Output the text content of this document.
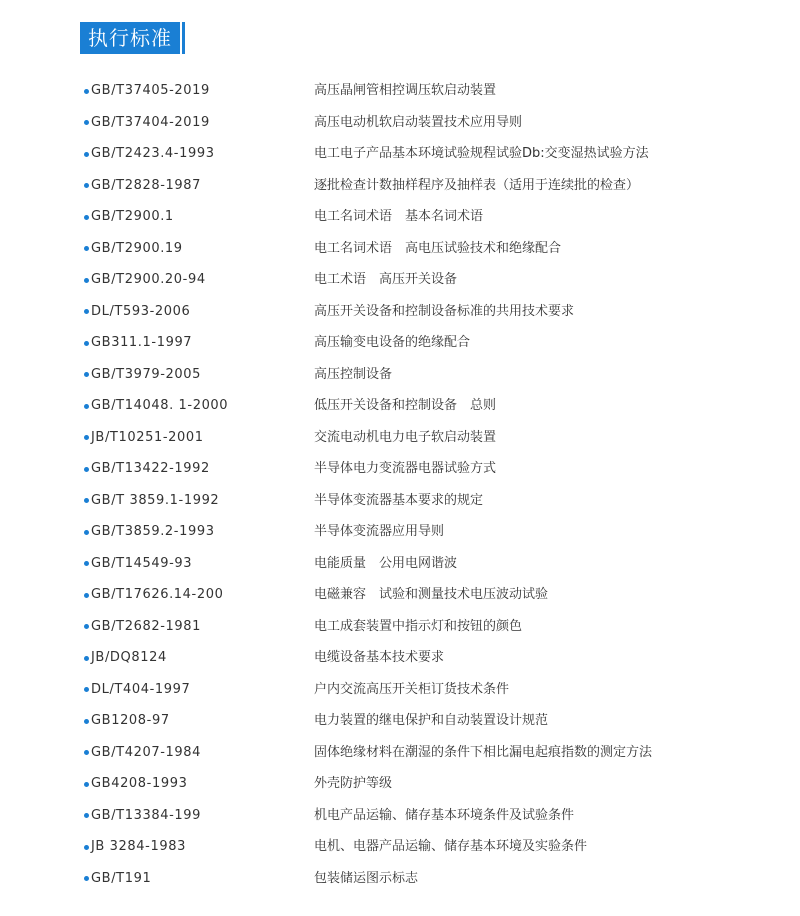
执行标准
GB/T37405-2019	高压晶闸管相控调压软启动装置
GB/T37404-2019	高压电动机软启动装置技术应用导则
GB/T2423.4-1993	电工电子产品基本环境试验规程试验Db:交变湿热试验方法
GB/T2828-1987	逐批检查计数抽样程序及抽样表（适用于连续批的检查）
GB/T2900.1	电工名词术语　基本名词术语
GB/T2900.19	电工名词术语　高电压试验技术和绝缘配合
GB/T2900.20-94	电工术语　高压开关设备
DL/T593-2006	高压开关设备和控制设备标准的共用技术要求
GB311.1-1997	高压输变电设备的绝缘配合
GB/T3979-2005	高压控制设备
GB/T14048. 1-2000	低压开关设备和控制设备　总则
JB/T10251-2001	交流电动机电力电子软启动装置
GB/T13422-1992	半导体电力变流器电器试验方式
GB/T 3859.1-1992	半导体变流器基本要求的规定
GB/T3859.2-1993	半导体变流器应用导则
GB/T14549-93	电能质量　公用电网谐波
GB/T17626.14-200	电磁兼容　试验和测量技术电压波动试验
GB/T2682-1981	电工成套装置中指示灯和按钮的颜色
JB/DQ8124	电缆设备基本技术要求
DL/T404-1997	户内交流高压开关柜订货技术条件
GB1208-97	电力装置的继电保护和自动装置设计规范
GB/T4207-1984	固体绝缘材料在潮湿的条件下相比漏电起痕指数的测定方法
GB4208-1993	外壳防护等级
GB/T13384-199	机电产品运输、储存基本环境条件及试验条件
JB 3284-1983	电机、电器产品运输、储存基本环境及实验条件
GB/T191	包装储运图示标志
